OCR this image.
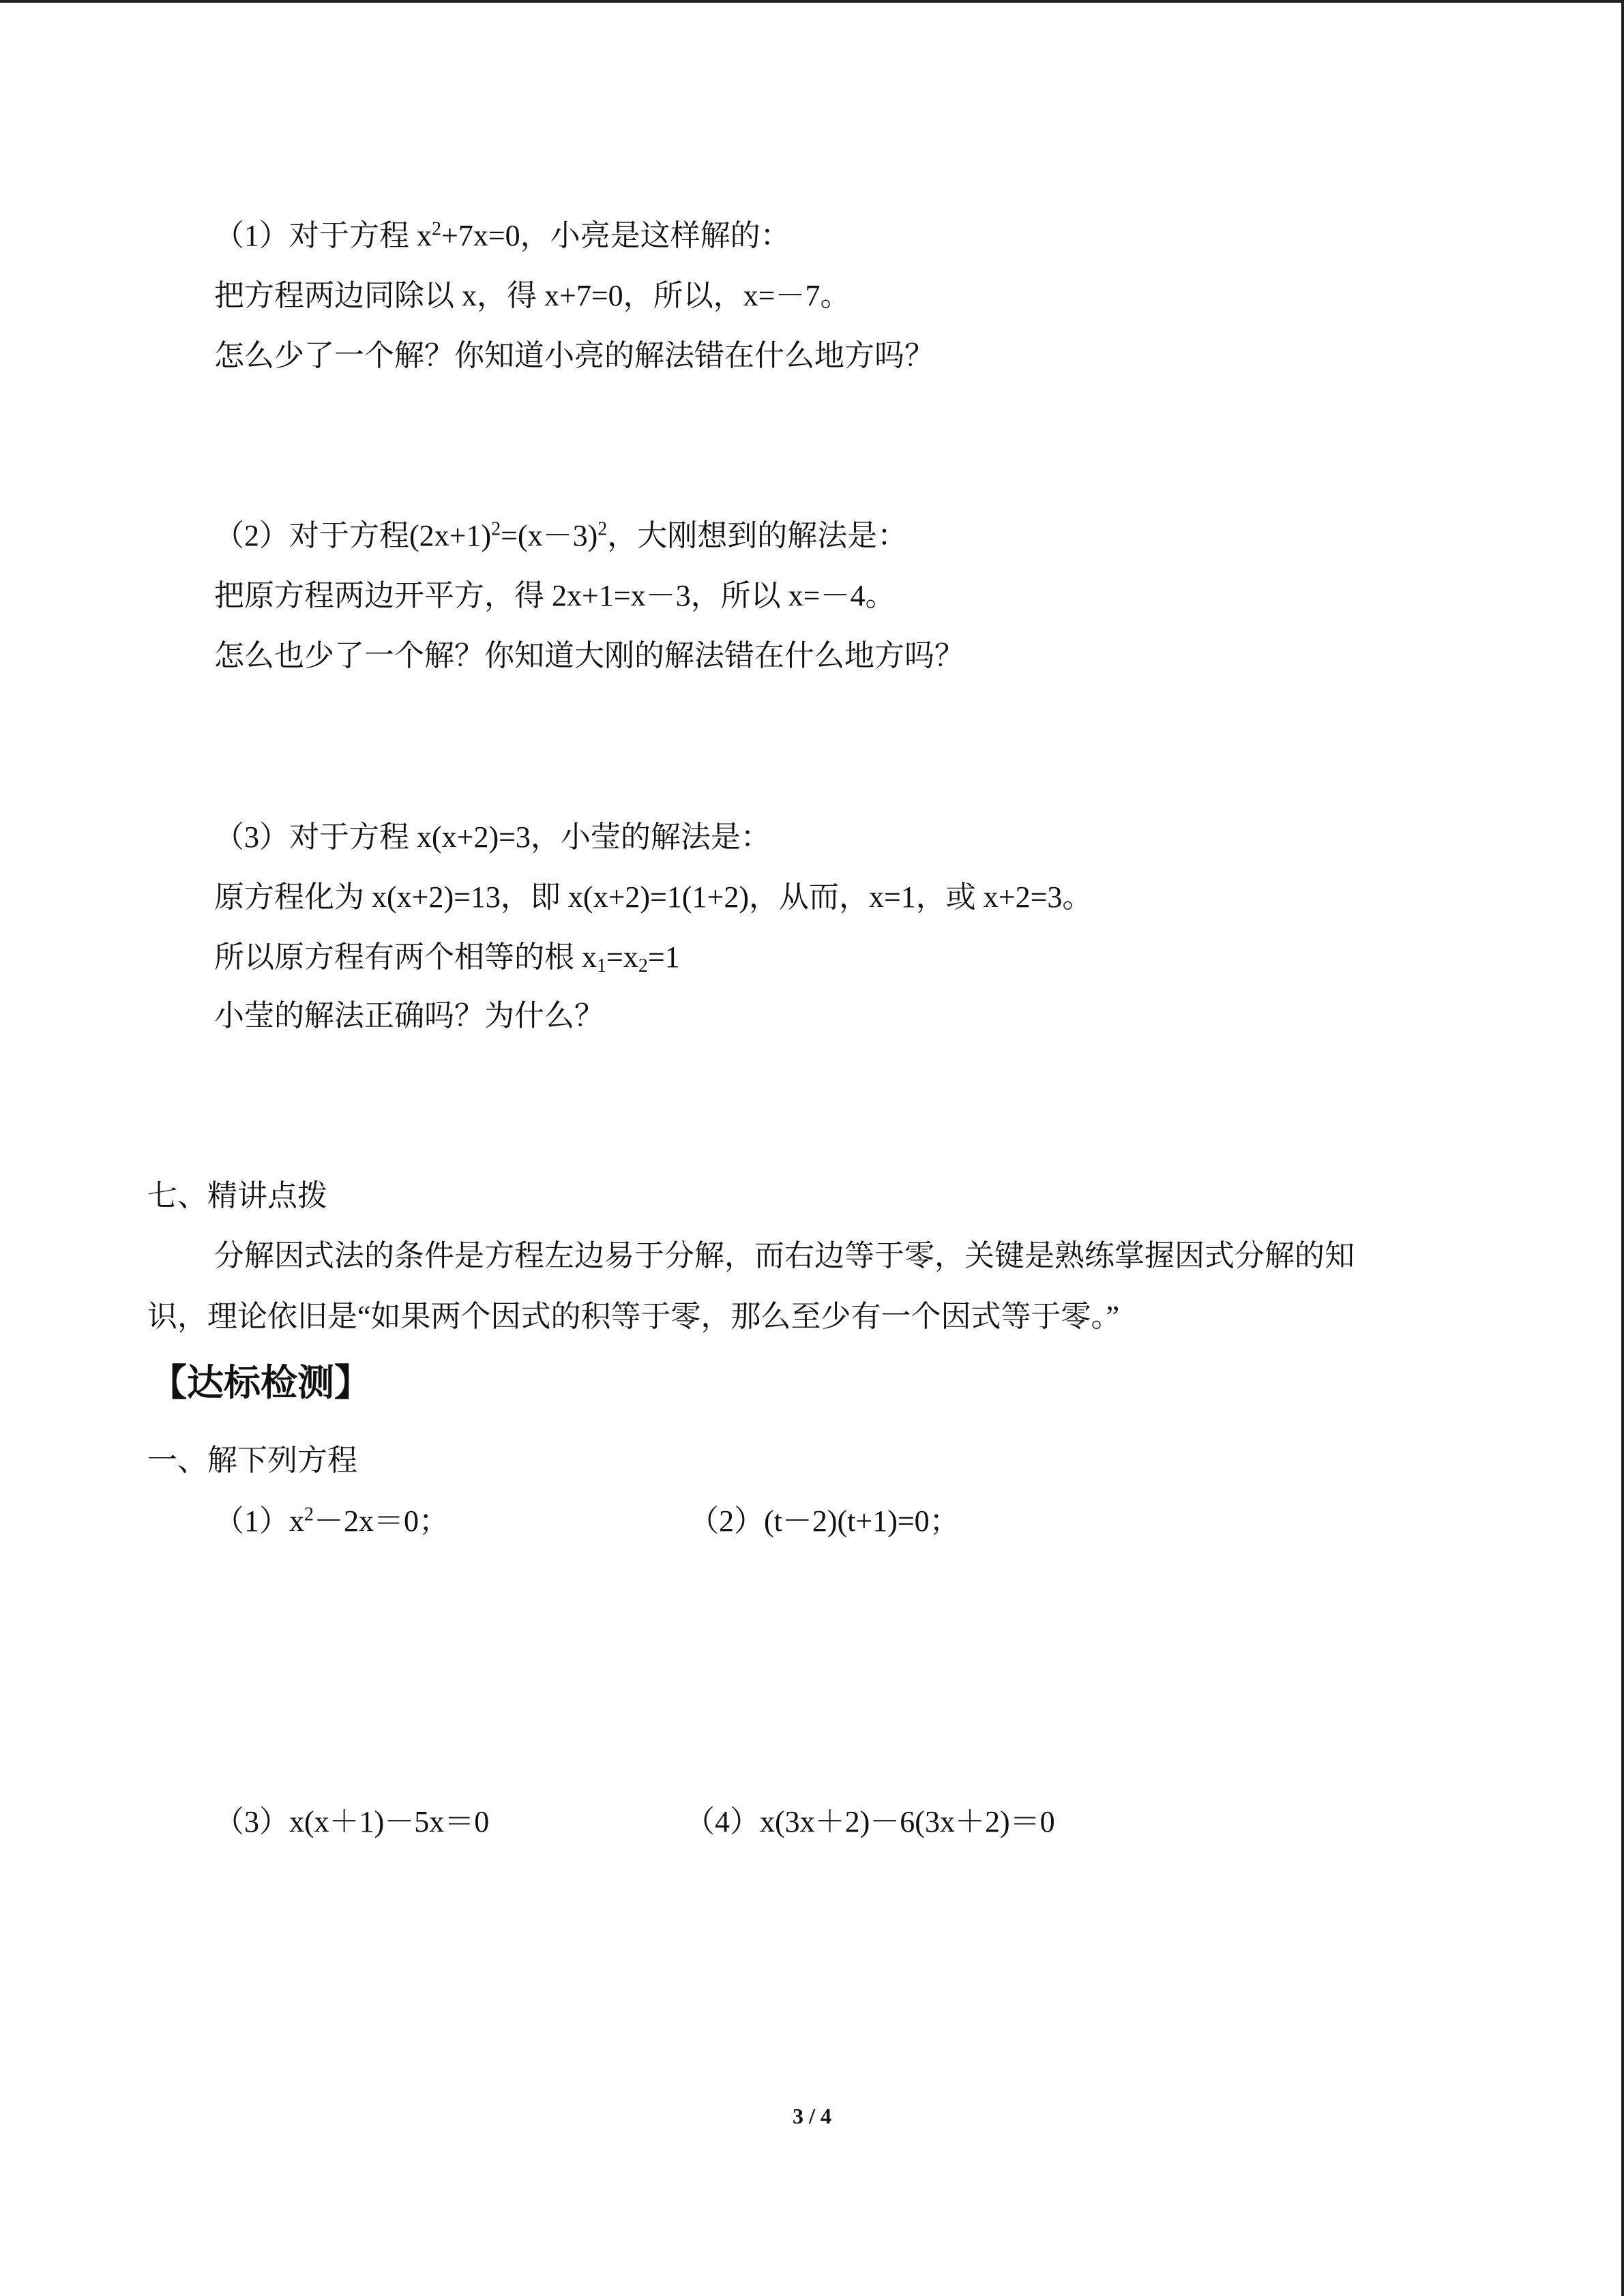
（1）对于方程 $x^2+7x=0$，小亮是这样解的：
把方程两边同除以 x，得 x+7=0，所以，x=－7。
怎么少了一个解？你知道小亮的解法错在什么地方吗？
（2）对于方程$(2x+1)^2=(x-3)^2$，大刚想到的解法是：
把原方程两边开平方，得 2x+1=x－3，所以 x=－4。
怎么也少了一个解？你知道大刚的解法错在什么地方吗？
（3）对于方程 x(x+2)=3，小莹的解法是：
原方程化为 x(x+2)=13，即 x(x+2)=1(1+2)，从而，x=1，或 x+2=3。
所以原方程有两个相等的根 $x_1=x_2=1$
小莹的解法正确吗？为什么？
七、精讲点拨
分解因式法的条件是方程左边易于分解，而右边等于零，关键是熟练掌握因式分解的知
识，理论依旧是“如果两个因式的积等于零，那么至少有一个因式等于零。”
【达标检测】
一、解下列方程
$(1)x^2-2x=0$；	（2）(t－2)(t+1)=0；
（3）x(x＋1)－5x＝0	（4）x(3x＋2)－6(3x＋2)＝0
3 / 4
